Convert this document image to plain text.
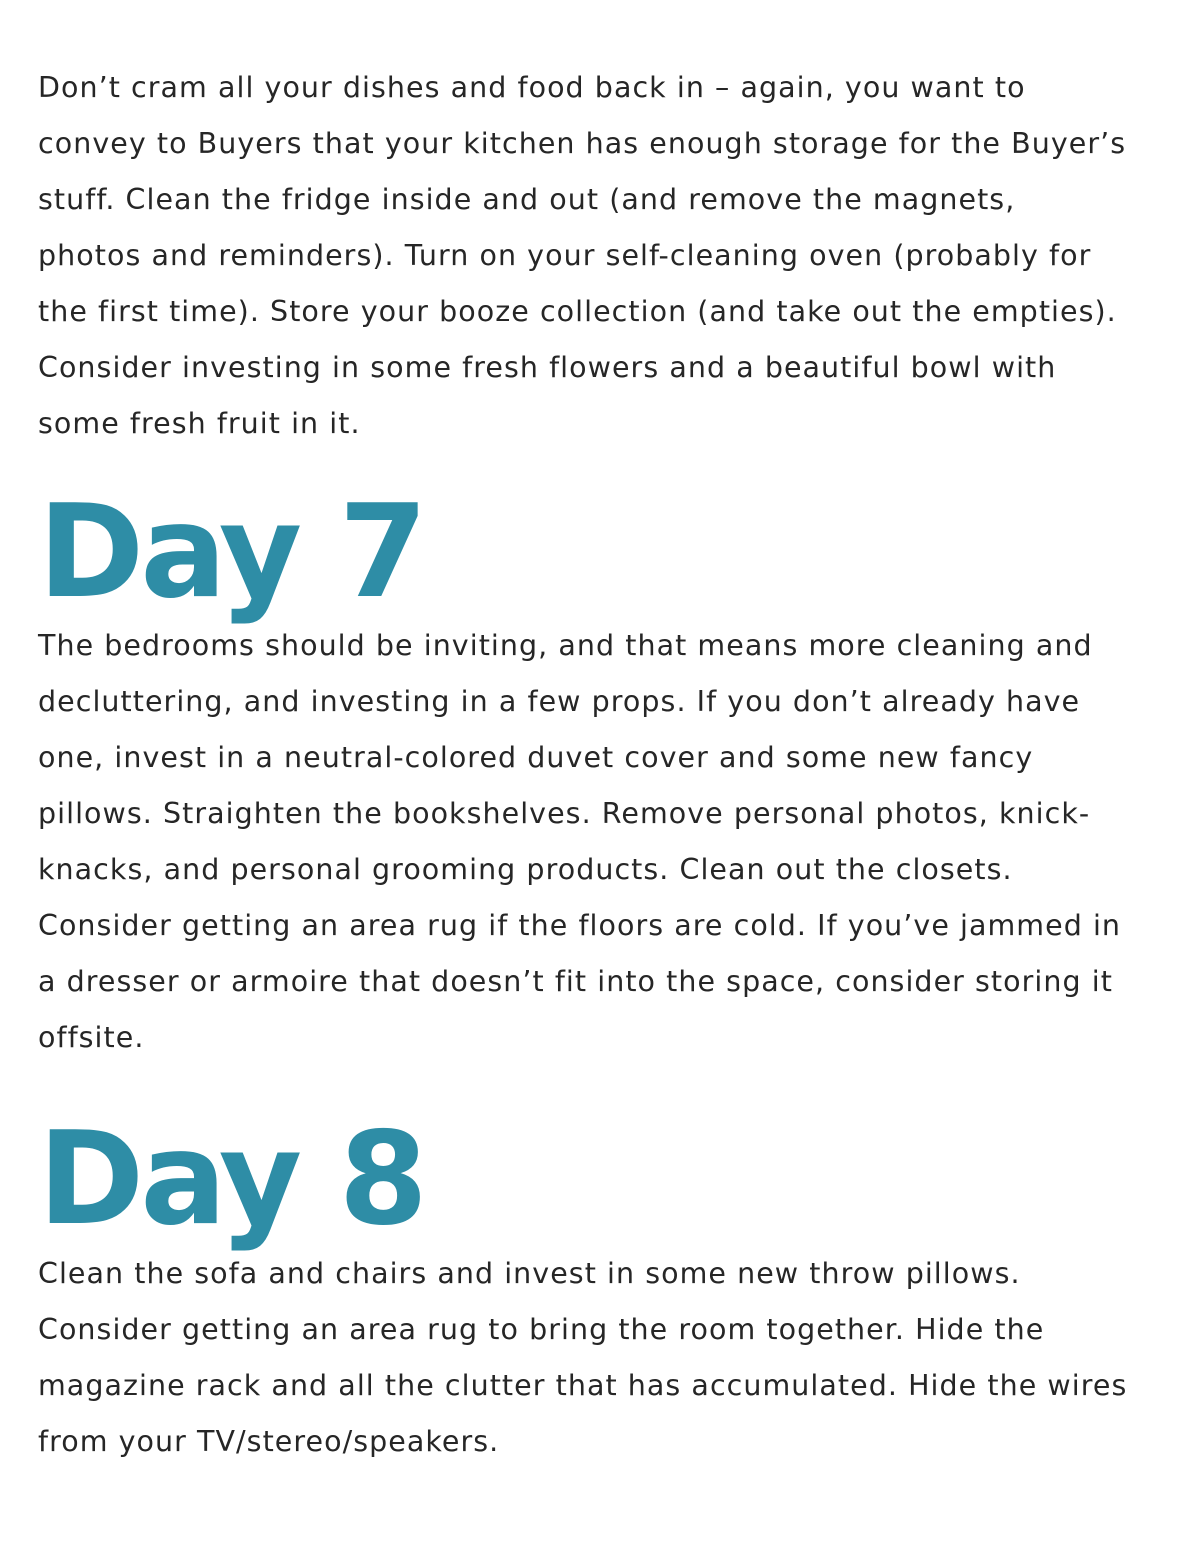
Don’t cram all your dishes and food back in – again, you want to
convey to Buyers that your kitchen has enough storage for the Buyer’s
stuff. Clean the fridge inside and out (and remove the magnets,
photos and reminders). Turn on your self-cleaning oven (probably for
the first time). Store your booze collection (and take out the empties).
Consider investing in some fresh flowers and a beautiful bowl with
some fresh fruit in it.

Day 7

The bedrooms should be inviting, and that means more cleaning and
decluttering, and investing in a few props. If you don’t already have
one, invest in a neutral-colored duvet cover and some new fancy
pillows. Straighten the bookshelves. Remove personal photos, knick-
knacks, and personal grooming products. Clean out the closets.
Consider getting an area rug if the floors are cold. If you’ve jammed in
a dresser or armoire that doesn’t fit into the space, consider storing it
offsite.

Day 8

Clean the sofa and chairs and invest in some new throw pillows.
Consider getting an area rug to bring the room together. Hide the
magazine rack and all the clutter that has accumulated. Hide the wires
from your TV/stereo/speakers.
